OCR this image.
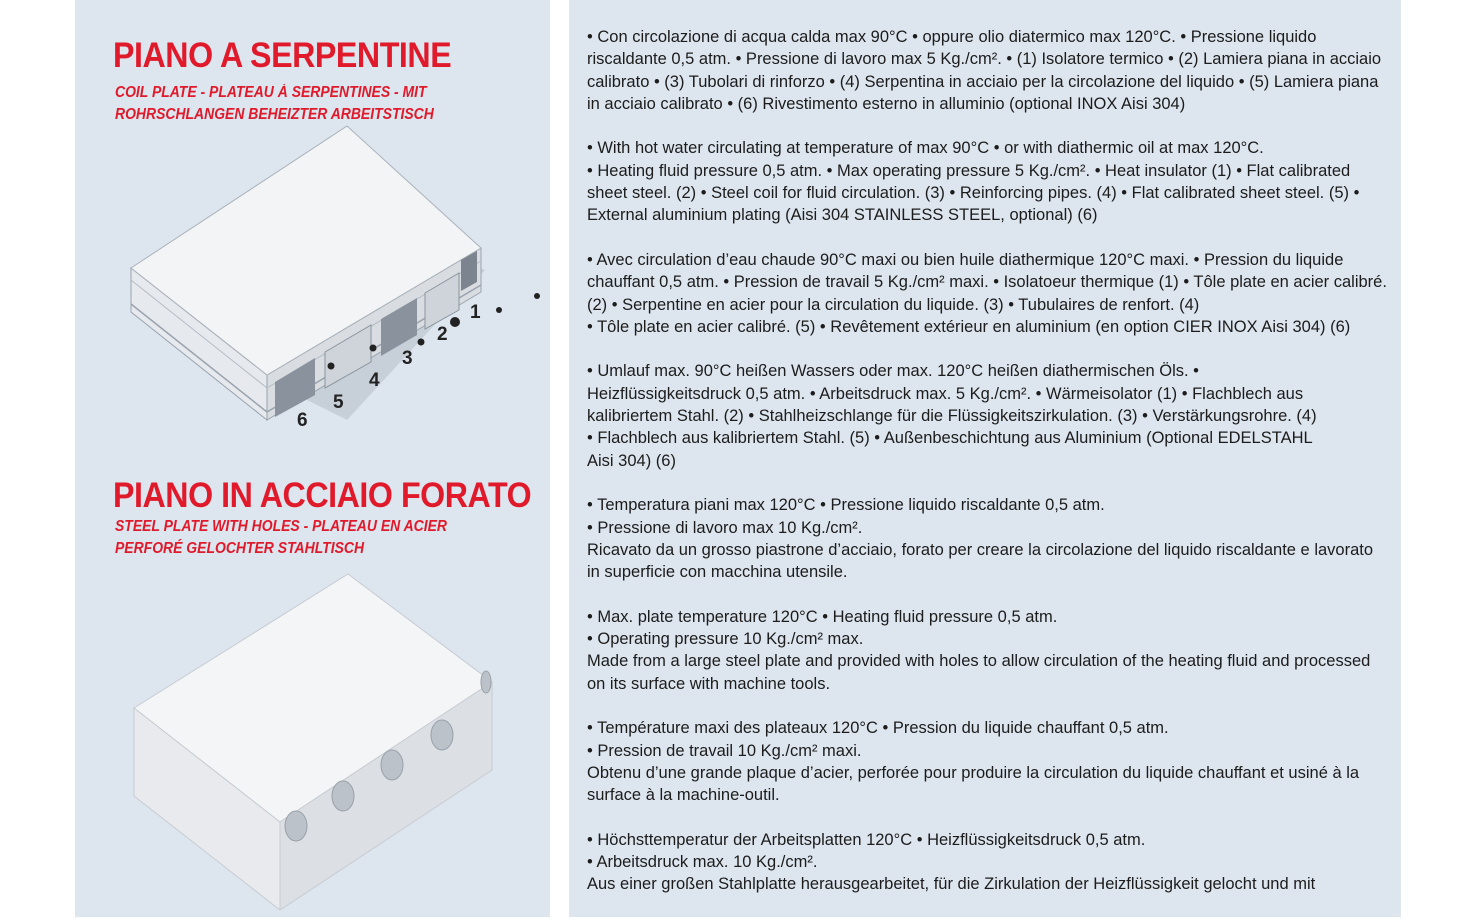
PIANO A SERPENTINE

COIL PLATE - PLATEAU À SERPENTINES - MIT ROHRSCHLANGEN BEHEIZTER ARBEITSTISCH

6
5
4
3
2
1
PIANO IN ACCIAIO FORATO

STEEL PLATE WITH HOLES - PLATEAU EN ACIER PERFORÉ GELOCHTER STAHLTISCH

• Con circolazione di acqua calda max 90°C • oppure olio diatermico max 120°C. • Pressione liquido riscaldante 0,5 atm. • Pressione di lavoro max 5 Kg./cm². • (1) Isolatore termico • (2) Lamiera piana in acciaio calibrato • (3) Tubolari di rinforzo • (4) Serpentina in acciaio per la circolazione del liquido • (5) Lamiera piana in acciaio calibrato • (6) Rivestimento esterno in alluminio (optional INOX Aisi 304)

• With hot water circulating at temperature of max 90°C • or with diathermic oil at max 120°C.
• Heating fluid pressure 0,5 atm. • Max operating pressure 5 Kg./cm². • Heat insulator (1) • Flat calibrated sheet steel. (2) • Steel coil for fluid circulation. (3) • Reinforcing pipes. (4) • Flat calibrated sheet steel. (5) • External aluminium plating (Aisi 304 STAINLESS STEEL, optional) (6)

• Avec circulation d’eau chaude 90°C maxi ou bien huile diathermique 120°C maxi. • Pression du liquide chauffant 0,5 atm. • Pression de travail 5 Kg./cm² maxi. • Isolatoeur thermique (1) • Tôle plate en acier calibré. (2) • Serpentine en acier pour la circulation du liquide. (3) • Tubulaires de renfort. (4)
• Tôle plate en acier calibré. (5) • Revêtement extérieur en aluminium (en option CIER INOX Aisi 304) (6)

• Umlauf max. 90°C heißen Wassers oder max. 120°C heißen diathermischen Öls. •
Heizflüssigkeitsdruck 0,5 atm. • Arbeitsdruck max. 5 Kg./cm². • Wärmeisolator (1) • Flachblech aus kalibriertem Stahl. (2) • Stahlheizschlange für die Flüssigkeitszirkulation. (3) • Verstärkungsrohre. (4)
• Flachblech aus kalibriertem Stahl. (5) • Außenbeschichtung aus Aluminium (Optional EDELSTAHL
Aisi 304) (6)

• Temperatura piani max 120°C • Pressione liquido riscaldante 0,5 atm.
• Pressione di lavoro max 10 Kg./cm².
Ricavato da un grosso piastrone d’acciaio, forato per creare la circolazione del liquido riscaldante e lavorato in superficie con macchina utensile.

• Max. plate temperature 120°C • Heating fluid pressure 0,5 atm.
• Operating pressure 10 Kg./cm² max.
Made from a large steel plate and provided with holes to allow circulation of the heating fluid and processed on its surface with machine tools.

• Température maxi des plateaux 120°C • Pression du liquide chauffant 0,5 atm.
• Pression de travail 10 Kg./cm² maxi.
Obtenu d’une grande plaque d’acier, perforée pour produire la circulation du liquide chauffant et usiné à la surface à la machine-outil.

• Höchsttemperatur der Arbeitsplatten 120°C • Heizflüssigkeitsdruck 0,5 atm.
• Arbeitsdruck max. 10 Kg./cm².
Aus einer großen Stahlplatte herausgearbeitet, für die Zirkulation der Heizflüssigkeit gelocht und mit
